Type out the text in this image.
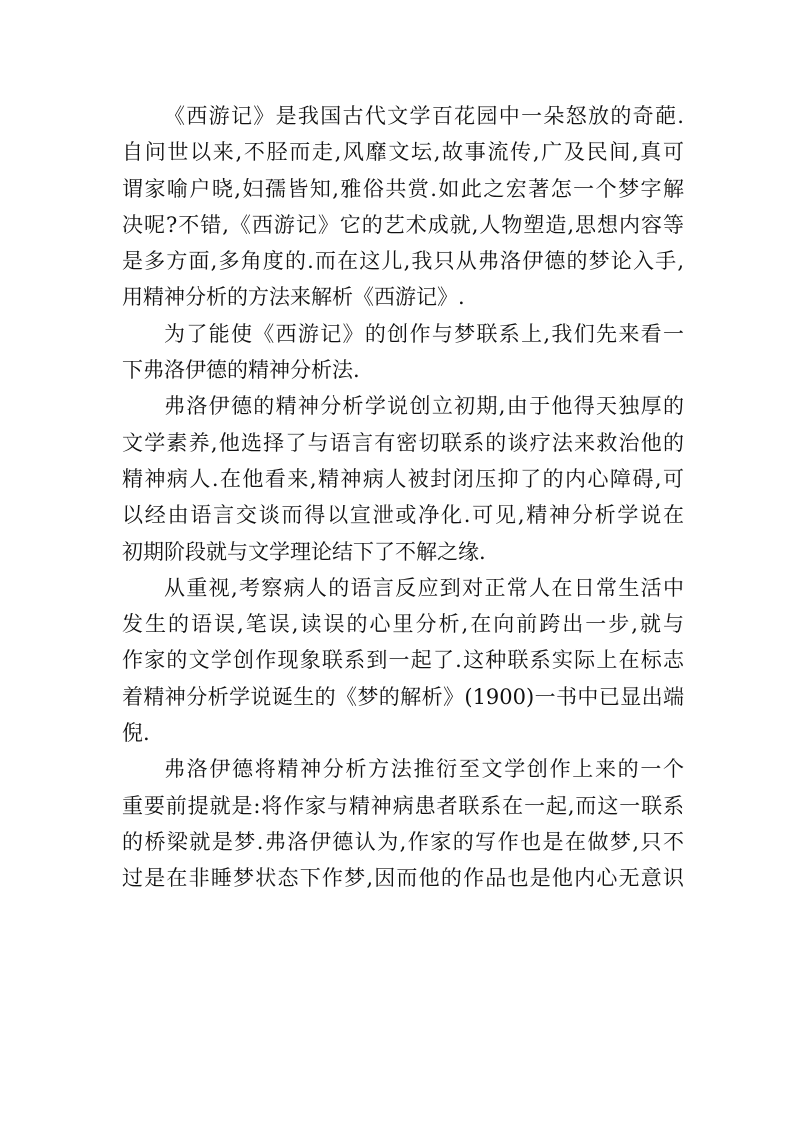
《西游记》是我国古代文学百花园中一朵怒放的奇葩.
自问世以来,不胫而走,风靡文坛,故事流传,广及民间,真可
谓家喻户晓,妇孺皆知,雅俗共赏.如此之宏著怎一个梦字解
决呢?不错,《西游记》它的艺术成就,人物塑造,思想内容等
是多方面,多角度的.而在这儿,我只从弗洛伊德的梦论入手,
用精神分析的方法来解析《西游记》.
为了能使《西游记》的创作与梦联系上,我们先来看一
下弗洛伊德的精神分析法.
弗洛伊德的精神分析学说创立初期,由于他得天独厚的
文学素养,他选择了与语言有密切联系的谈疗法来救治他的
精神病人.在他看来,精神病人被封闭压抑了的内心障碍,可
以经由语言交谈而得以宣泄或净化.可见,精神分析学说在
初期阶段就与文学理论结下了不解之缘.
从重视,考察病人的语言反应到对正常人在日常生活中
发生的语误,笔误,读误的心里分析,在向前跨出一步,就与
作家的文学创作现象联系到一起了.这种联系实际上在标志
着精神分析学说诞生的《梦的解析》(1900)一书中已显出端
倪.
弗洛伊德将精神分析方法推衍至文学创作上来的一个
重要前提就是:将作家与精神病患者联系在一起,而这一联系
的桥梁就是梦.弗洛伊德认为,作家的写作也是在做梦,只不
过是在非睡梦状态下作梦,因而他的作品也是他内心无意识
